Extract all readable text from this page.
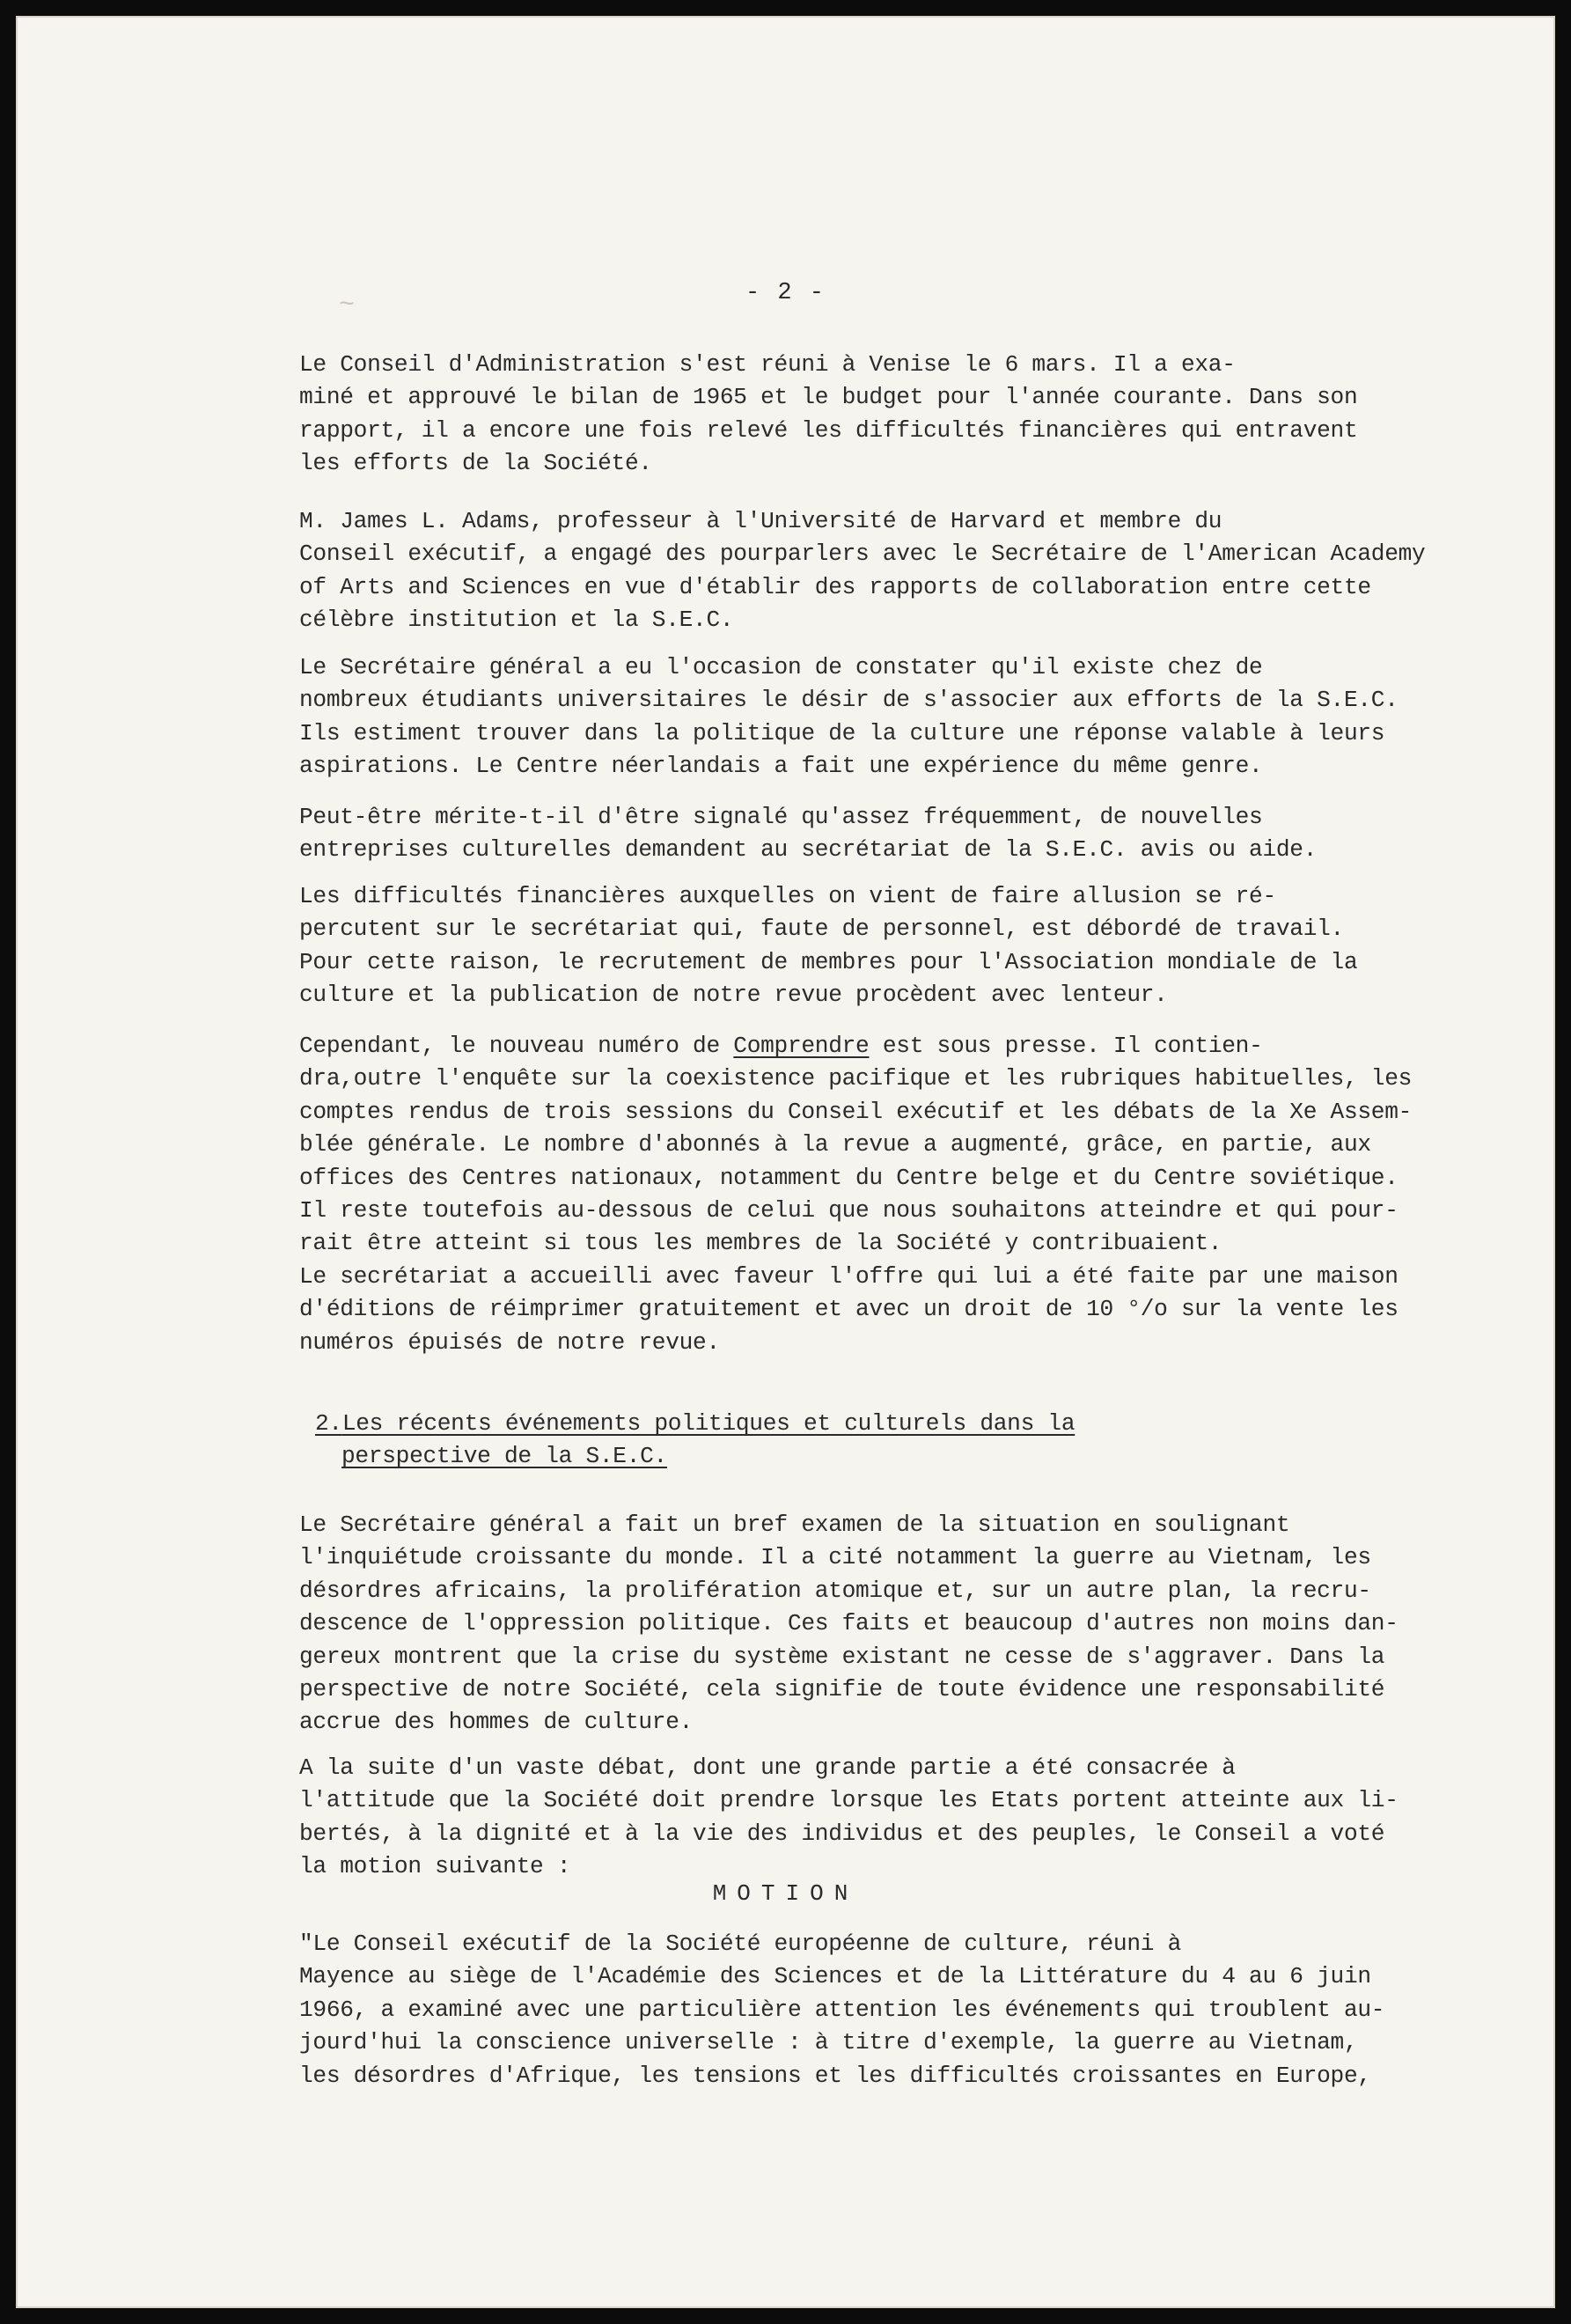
~	- 2 -
Le Conseil d'Administration s'est réuni à Venise le 6 mars. Il a exa-
miné et approuvé le bilan de 1965 et le budget pour l'année courante. Dans son
rapport, il a encore une fois relevé les difficultés financières qui entravent
les efforts de la Société.
M. James L. Adams, professeur à l'Université de Harvard et membre du
Conseil exécutif, a engagé des pourparlers avec le Secrétaire de l'American Academy
of Arts and Sciences en vue d'établir des rapports de collaboration entre cette
célèbre institution et la S.E.C.
Le Secrétaire général a eu l'occasion de constater qu'il existe chez de
nombreux étudiants universitaires le désir de s'associer aux efforts de la S.E.C.
Ils estiment trouver dans la politique de la culture une réponse valable à leurs
aspirations. Le Centre néerlandais a fait une expérience du même genre.
Peut-être mérite-t-il d'être signalé qu'assez fréquemment, de nouvelles
entreprises culturelles demandent au secrétariat de la S.E.C. avis ou aide.
Les difficultés financières auxquelles on vient de faire allusion se ré-
percutent sur le secrétariat qui, faute de personnel, est débordé de travail.
Pour cette raison, le recrutement de membres pour l'Association mondiale de la
culture et la publication de notre revue procèdent avec lenteur.
Cependant, le nouveau numéro de Comprendre est sous presse. Il contien-
dra,outre l'enquête sur la coexistence pacifique et les rubriques habituelles, les
comptes rendus de trois sessions du Conseil exécutif et les débats de la Xe Assem-
blée générale. Le nombre d'abonnés à la revue a augmenté, grâce, en partie, aux
offices des Centres nationaux, notamment du Centre belge et du Centre soviétique.
Il reste toutefois au-dessous de celui que nous souhaitons atteindre et qui pour-
rait être atteint si tous les membres de la Société y contribuaient.
Le secrétariat a accueilli avec faveur l'offre qui lui a été faite par une maison
d'éditions de réimprimer gratuitement et avec un droit de 10 °/o sur la vente les
numéros épuisés de notre revue.
2.Les récents événements politiques et culturels dans la
perspective de la S.E.C.
Le Secrétaire général a fait un bref examen de la situation en soulignant
l'inquiétude croissante du monde. Il a cité notamment la guerre au Vietnam, les
désordres africains, la prolifération atomique et, sur un autre plan, la recru-
descence de l'oppression politique. Ces faits et beaucoup d'autres non moins dan-
gereux montrent que la crise du système existant ne cesse de s'aggraver. Dans la
perspective de notre Société, cela signifie de toute évidence une responsabilité
accrue des hommes de culture.
A la suite d'un vaste débat, dont une grande partie a été consacrée à
l'attitude que la Société doit prendre lorsque les Etats portent atteinte aux li-
bertés, à la dignité et à la vie des individus et des peuples, le Conseil a voté
la motion suivante :
MOTION
"Le Conseil exécutif de la Société européenne de culture, réuni à
Mayence au siège de l'Académie des Sciences et de la Littérature du 4 au 6 juin
1966, a examiné avec une particulière attention les événements qui troublent au-
jourd'hui la conscience universelle : à titre d'exemple, la guerre au Vietnam,
les désordres d'Afrique, les tensions et les difficultés croissantes en Europe,
